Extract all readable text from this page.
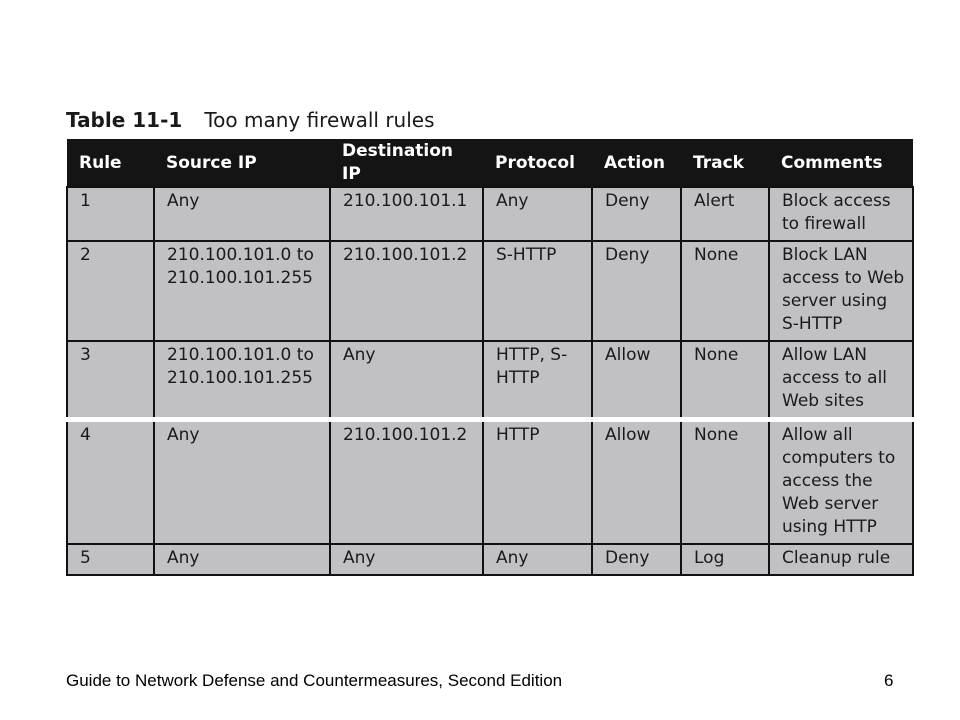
Table 11-1 Too many firewall rules
Rule	Source IP	Destination IP	Protocol	Action	Track	Comments
1	Any	210.100.101.1	Any	Deny	Alert	Block access to firewall
2	210.100.101.0 to 210.100.101.255	210.100.101.2	S-HTTP	Deny	None	Block LAN access to Web server using S-HTTP
3	210.100.101.0 to 210.100.101.255	Any	HTTP, S-HTTP	Allow	None	Allow LAN access to all Web sites
4	Any	210.100.101.2	HTTP	Allow	None	Allow all computers to access the Web server using HTTP
5	Any	Any	Any	Deny	Log	Cleanup rule
Guide to Network Defense and Countermeasures, Second Edition	6
